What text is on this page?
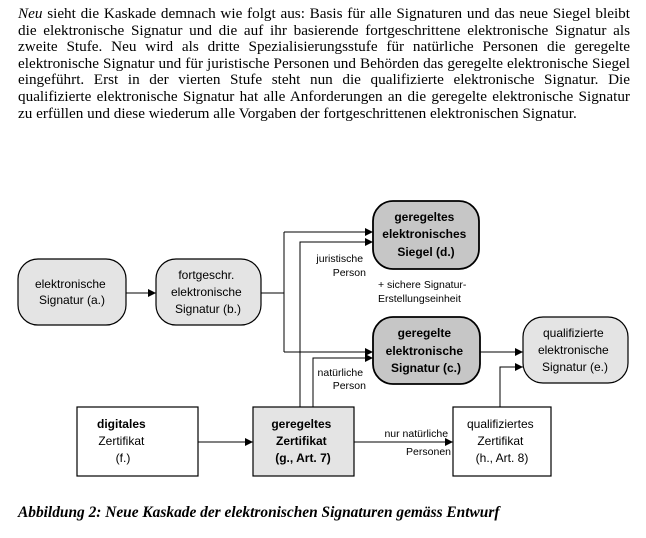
Neu sieht die Kaskade demnach wie folgt aus: Basis für alle Signaturen und das neue Siegel bleibt die elektronische Signatur und die auf ihr basierende fortgeschrittene elektronische Signatur als zweite Stufe. Neu wird als dritte Spezialisierungsstufe für natürliche Personen die geregelte elektronische Signatur und für juristische Personen und Behörden das geregelte elektronische Siegel eingeführt. Erst in der vierten Stufe steht nun die qualifizierte elektronische Signatur. Die qualifizierte elektronische Signatur hat alle Anforderungen an die geregelte elektronische Signatur zu erfüllen und diese wiederum alle Vorgaben der fortgeschrittenen elektronischen Signatur.

elektronische Signatur (a.)
fortgeschr. elektronische Signatur (b.)
geregeltes elektronisches Siegel (d.)
geregelte elektronische Signatur (c.)
qualifizierte elektronische Signatur (e.)
digitales Zertifikat (f.)
geregeltes Zertifikat (g., Art. 7)
qualifiziertes Zertifikat (h., Art. 8)
juristische Person
+ sichere Signatur- Erstellungseinheit
natürliche Person
nur natürliche Personen

Abbildung 2: Neue Kaskade der elektronischen Signaturen gemäss Entwurf
